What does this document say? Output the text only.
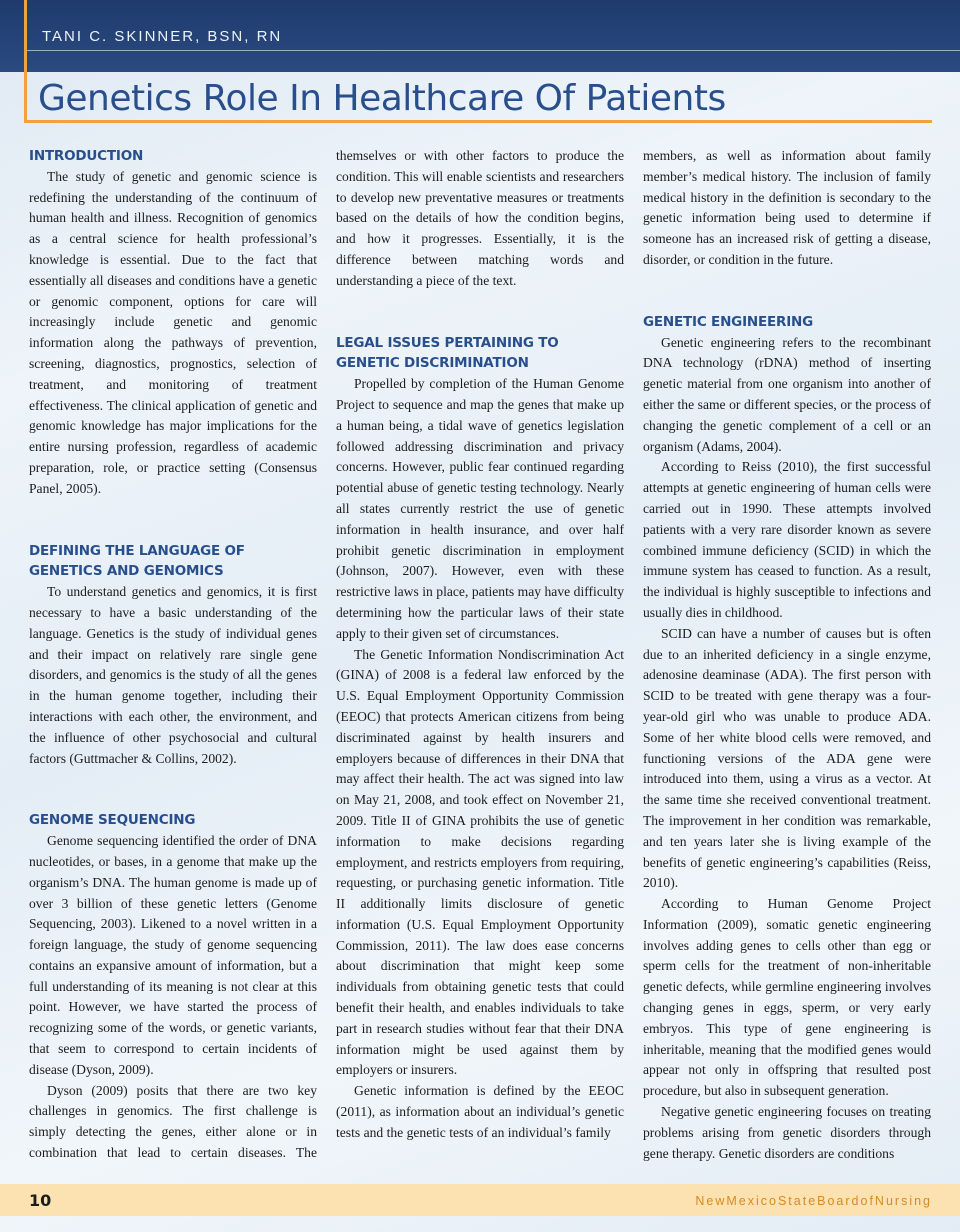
TANI C. SKINNER, BSN, RN
Genetics Role In Healthcare Of Patients
INTRODUCTION

The study of genetic and genomic science is redefining the understanding of the continuum of human health and illness. Recognition of genomics as a central science for health professional’s knowledge is essential. Due to the fact that essentially all diseases and conditions have a genetic or genomic component, options for care will increasingly include genetic and genomic information along the pathways of prevention, screening, diagnostics, prognostics, selection of treatment, and monitoring of treatment effectiveness. The clinical application of genetic and genomic knowledge has major implications for the entire nursing profession, regardless of academic preparation, role, or practice setting (Consensus Panel, 2005).

DEFINING THE LANGUAGE OF GENETICS AND GENOMICS

To understand genetics and genomics, it is first necessary to have a basic understanding of the language. Genetics is the study of individual genes and their impact on relatively rare single gene disorders, and genomics is the study of all the genes in the human genome together, including their interactions with each other, the environment, and the influence of other psychosocial and cultural factors (Guttmacher & Collins, 2002).

GENOME SEQUENCING

Genome sequencing identified the order of DNA nucleotides, or bases, in a genome that make up the organism’s DNA. The human genome is made up of over 3 billion of these genetic letters (Genome Sequencing, 2003). Likened to a novel written in a foreign language, the study of genome sequencing contains an expansive amount of information, but a full understanding of its meaning is not clear at this point. However, we have started the process of recognizing some of the words, or genetic variants, that seem to correspond to certain incidents of disease (Dyson, 2009).

Dyson (2009) posits that there are two key challenges in genomics. The first challenge is simply detecting the genes, either alone or in combination that lead to certain diseases. The

themselves or with other factors to produce the condition. This will enable scientists and researchers to develop new preventative measures or treatments based on the details of how the condition begins, and how it progresses. Essentially, it is the difference between matching words and understanding a piece of the text.

LEGAL ISSUES PERTAINING TO GENETIC DISCRIMINATION

Propelled by completion of the Human Genome Project to sequence and map the genes that make up a human being, a tidal wave of genetics legislation followed addressing discrimination and privacy concerns. However, public fear continued regarding potential abuse of genetic testing technology. Nearly all states currently restrict the use of genetic information in health insurance, and over half prohibit genetic discrimination in employment (Johnson, 2007). However, even with these restrictive laws in place, patients may have difficulty determining how the particular laws of their state apply to their given set of circumstances.

The Genetic Information Nondiscrimination Act (GINA) of 2008 is a federal law enforced by the U.S. Equal Employment Opportunity Commission (EEOC) that protects American citizens from being discriminated against by health insurers and employers because of differences in their DNA that may affect their health. The act was signed into law on May 21, 2008, and took effect on November 21, 2009. Title II of GINA prohibits the use of genetic information to make decisions regarding employment, and restricts employers from requiring, requesting, or purchasing genetic information. Title II additionally limits disclosure of genetic information (U.S. Equal Employment Opportunity Commission, 2011). The law does ease concerns about discrimination that might keep some individuals from obtaining genetic tests that could benefit their health, and enables individuals to take part in research studies without fear that their DNA information might be used against them by employers or insurers.

Genetic information is defined by the EEOC (2011), as information about an individual’s genetic tests and the genetic tests of an individual’s family

members, as well as information about family member’s medical history. The inclusion of family medical history in the definition is secondary to the genetic information being used to determine if someone has an increased risk of getting a disease, disorder, or condition in the future.

GENETIC ENGINEERING

Genetic engineering refers to the recombinant DNA technology (rDNA) method of inserting genetic material from one organism into another of either the same or different species, or the process of changing the genetic complement of a cell or an organism (Adams, 2004).

According to Reiss (2010), the first successful attempts at genetic engineering of human cells were carried out in 1990. These attempts involved patients with a very rare disorder known as severe combined immune deficiency (SCID) in which the immune system has ceased to function. As a result, the individual is highly susceptible to infections and usually dies in childhood.

SCID can have a number of causes but is often due to an inherited deficiency in a single enzyme, adenosine deaminase (ADA). The first person with SCID to be treated with gene therapy was a four-year-old girl who was unable to produce ADA. Some of her white blood cells were removed, and functioning versions of the ADA gene were introduced into them, using a virus as a vector. At the same time she received conventional treatment. The improvement in her condition was remarkable, and ten years later she is living example of the benefits of genetic engineering’s capabilities (Reiss, 2010).

According to Human Genome Project Information (2009), somatic genetic engineering involves adding genes to cells other than egg or sperm cells for the treatment of non-inheritable genetic defects, while germline engineering involves changing genes in eggs, sperm, or very early embryos. This type of gene engineering is inheritable, meaning that the modified genes would appear not only in offspring that resulted post procedure, but also in subsequent generation.

Negative genetic engineering focuses on treating problems arising from genetic disorders through gene therapy. Genetic disorders are conditions

10	NewMexicoStateBoardofNursing
